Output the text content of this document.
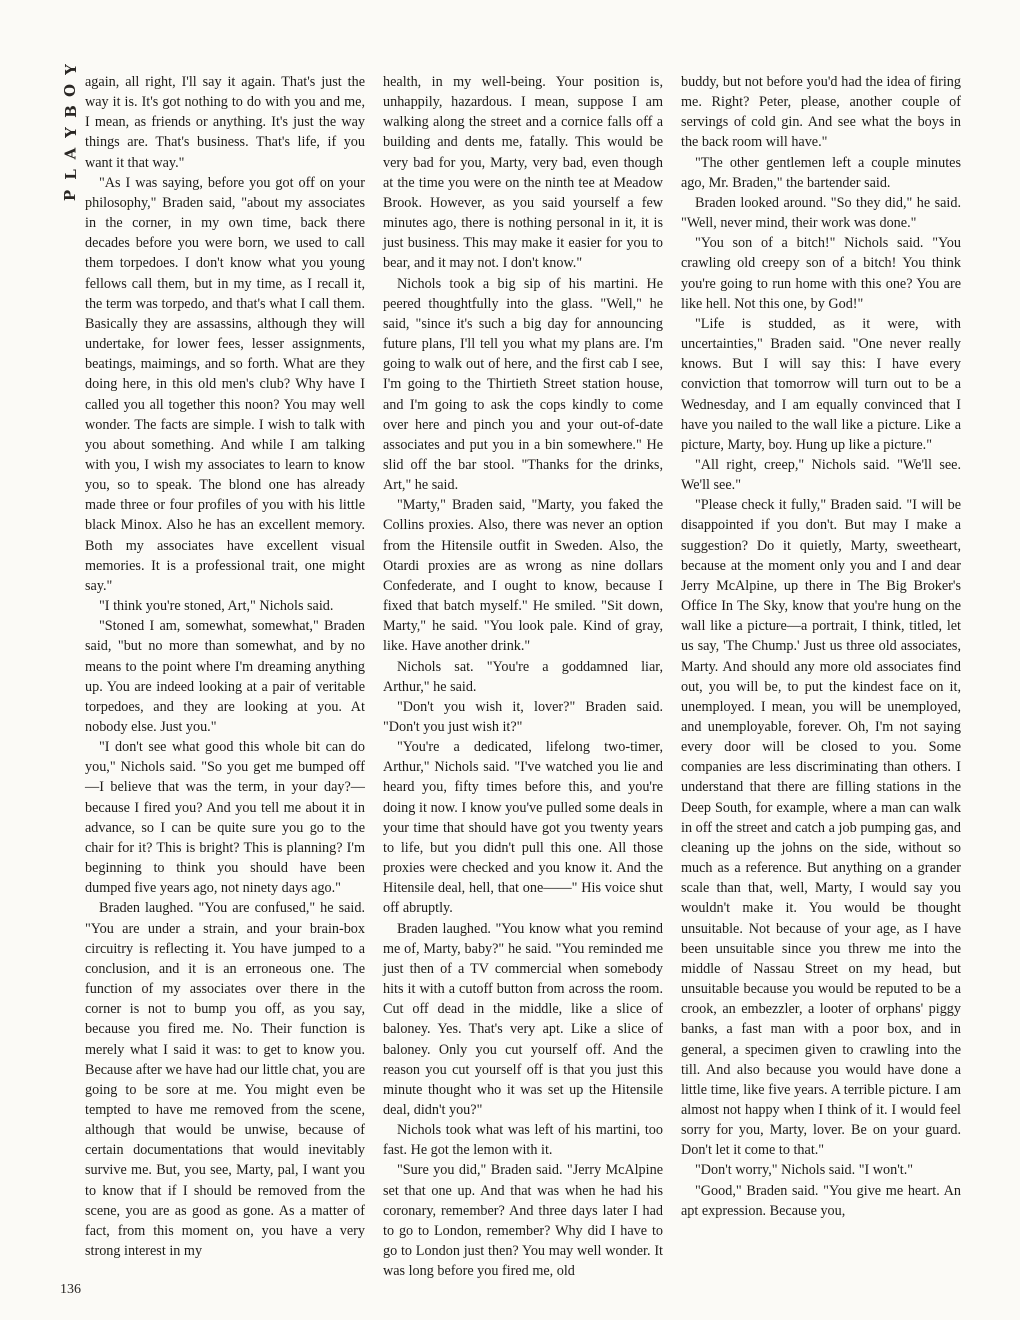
Y
O
B
Y
A
L
P
136

again, all right, I'll say it again. That's just the way it is. It's got nothing to do with you and me, I mean, as friends or anything. It's just the way things are. That's business. That's life, if you want it that way."

"As I was saying, before you got off on your philosophy," Braden said, "about my associates in the corner, in my own time, back there decades before you were born, we used to call them torpedoes. I don't know what you young fellows call them, but in my time, as I recall it, the term was torpedo, and that's what I call them. Basically they are assassins, although they will undertake, for lower fees, lesser assignments, beatings, maimings, and so forth. What are they doing here, in this old men's club? Why have I called you all together this noon? You may well wonder. The facts are simple. I wish to talk with you about something. And while I am talking with you, I wish my associates to learn to know you, so to speak. The blond one has already made three or four profiles of you with his little black Minox. Also he has an excellent memory. Both my associates have excellent visual memories. It is a professional trait, one might say."

"I think you're stoned, Art," Nichols said.

"Stoned I am, somewhat, somewhat," Braden said, "but no more than somewhat, and by no means to the point where I'm dreaming anything up. You are indeed looking at a pair of veritable torpedoes, and they are looking at you. At nobody else. Just you."

"I don't see what good this whole bit can do you," Nichols said. "So you get me bumped off—I believe that was the term, in your day?—because I fired you? And you tell me about it in advance, so I can be quite sure you go to the chair for it? This is bright? This is planning? I'm beginning to think you should have been dumped five years ago, not ninety days ago."

Braden laughed. "You are confused," he said. "You are under a strain, and your brain-box circuitry is reflecting it. You have jumped to a conclusion, and it is an erroneous one. The function of my associates over there in the corner is not to bump you off, as you say, because you fired me. No. Their function is merely what I said it was: to get to know you. Because after we have had our little chat, you are going to be sore at me. You might even be tempted to have me removed from the scene, although that would be unwise, because of certain documentations that would inevitably survive me. But, you see, Marty, pal, I want you to know that if I should be removed from the scene, you are as good as gone. As a matter of fact, from this moment on, you have a very strong interest in my

health, in my well-being. Your position is, unhappily, hazardous. I mean, suppose I am walking along the street and a cornice falls off a building and dents me, fatally. This would be very bad for you, Marty, very bad, even though at the time you were on the ninth tee at Meadow Brook. However, as you said yourself a few minutes ago, there is nothing personal in it, it is just business. This may make it easier for you to bear, and it may not. I don't know."

Nichols took a big sip of his martini. He peered thoughtfully into the glass. "Well," he said, "since it's such a big day for announcing future plans, I'll tell you what my plans are. I'm going to walk out of here, and the first cab I see, I'm going to the Thirtieth Street station house, and I'm going to ask the cops kindly to come over here and pinch you and your out-of-date associates and put you in a bin somewhere." He slid off the bar stool. "Thanks for the drinks, Art," he said.

"Marty," Braden said, "Marty, you faked the Collins proxies. Also, there was never an option from the Hitensile outfit in Sweden. Also, the Otardi proxies are as wrong as nine dollars Confederate, and I ought to know, because I fixed that batch myself." He smiled. "Sit down, Marty," he said. "You look pale. Kind of gray, like. Have another drink."

Nichols sat. "You're a goddamned liar, Arthur," he said.

"Don't you wish it, lover?" Braden said. "Don't you just wish it?"

"You're a dedicated, lifelong two-timer, Arthur," Nichols said. "I've watched you lie and heard you, fifty times before this, and you're doing it now. I know you've pulled some deals in your time that should have got you twenty years to life, but you didn't pull this one. All those proxies were checked and you know it. And the Hitensile deal, hell, that one——" His voice shut off abruptly.

Braden laughed. "You know what you remind me of, Marty, baby?" he said. "You reminded me just then of a TV commercial when somebody hits it with a cutoff button from across the room. Cut off dead in the middle, like a slice of baloney. Yes. That's very apt. Like a slice of baloney. Only you cut yourself off. And the reason you cut yourself off is that you just this minute thought who it was set up the Hitensile deal, didn't you?"

Nichols took what was left of his martini, too fast. He got the lemon with it.

"Sure you did," Braden said. "Jerry McAlpine set that one up. And that was when he had his coronary, remember? And three days later I had to go to London, remember? Why did I have to go to London just then? You may well wonder. It was long before you fired me, old

buddy, but not before you'd had the idea of firing me. Right? Peter, please, another couple of servings of cold gin. And see what the boys in the back room will have."

"The other gentlemen left a couple minutes ago, Mr. Braden," the bartender said.

Braden looked around. "So they did," he said. "Well, never mind, their work was done."

"You son of a bitch!" Nichols said. "You crawling old creepy son of a bitch! You think you're going to run home with this one? You are like hell. Not this one, by God!"

"Life is studded, as it were, with uncertainties," Braden said. "One never really knows. But I will say this: I have every conviction that tomorrow will turn out to be a Wednesday, and I am equally convinced that I have you nailed to the wall like a picture. Like a picture, Marty, boy. Hung up like a picture."

"All right, creep," Nichols said. "We'll see. We'll see."

"Please check it fully," Braden said. "I will be disappointed if you don't. But may I make a suggestion? Do it quietly, Marty, sweetheart, because at the moment only you and I and dear Jerry McAlpine, up there in The Big Broker's Office In The Sky, know that you're hung on the wall like a picture—a portrait, I think, titled, let us say, 'The Chump.' Just us three old associates, Marty. And should any more old associates find out, you will be, to put the kindest face on it, unemployed. I mean, you will be unemployed, and unemployable, forever. Oh, I'm not saying every door will be closed to you. Some companies are less discriminating than others. I understand that there are filling stations in the Deep South, for example, where a man can walk in off the street and catch a job pumping gas, and cleaning up the johns on the side, without so much as a reference. But anything on a grander scale than that, well, Marty, I would say you wouldn't make it. You would be thought unsuitable. Not because of your age, as I have been unsuitable since you threw me into the middle of Nassau Street on my head, but unsuitable because you would be reputed to be a crook, an embezzler, a looter of orphans' piggy banks, a fast man with a poor box, and in general, a specimen given to crawling into the till. And also because you would have done a little time, like five years. A terrible picture. I am almost not happy when I think of it. I would feel sorry for you, Marty, lover. Be on your guard. Don't let it come to that."

"Don't worry," Nichols said. "I won't."

"Good," Braden said. "You give me heart. An apt expression. Because you,
